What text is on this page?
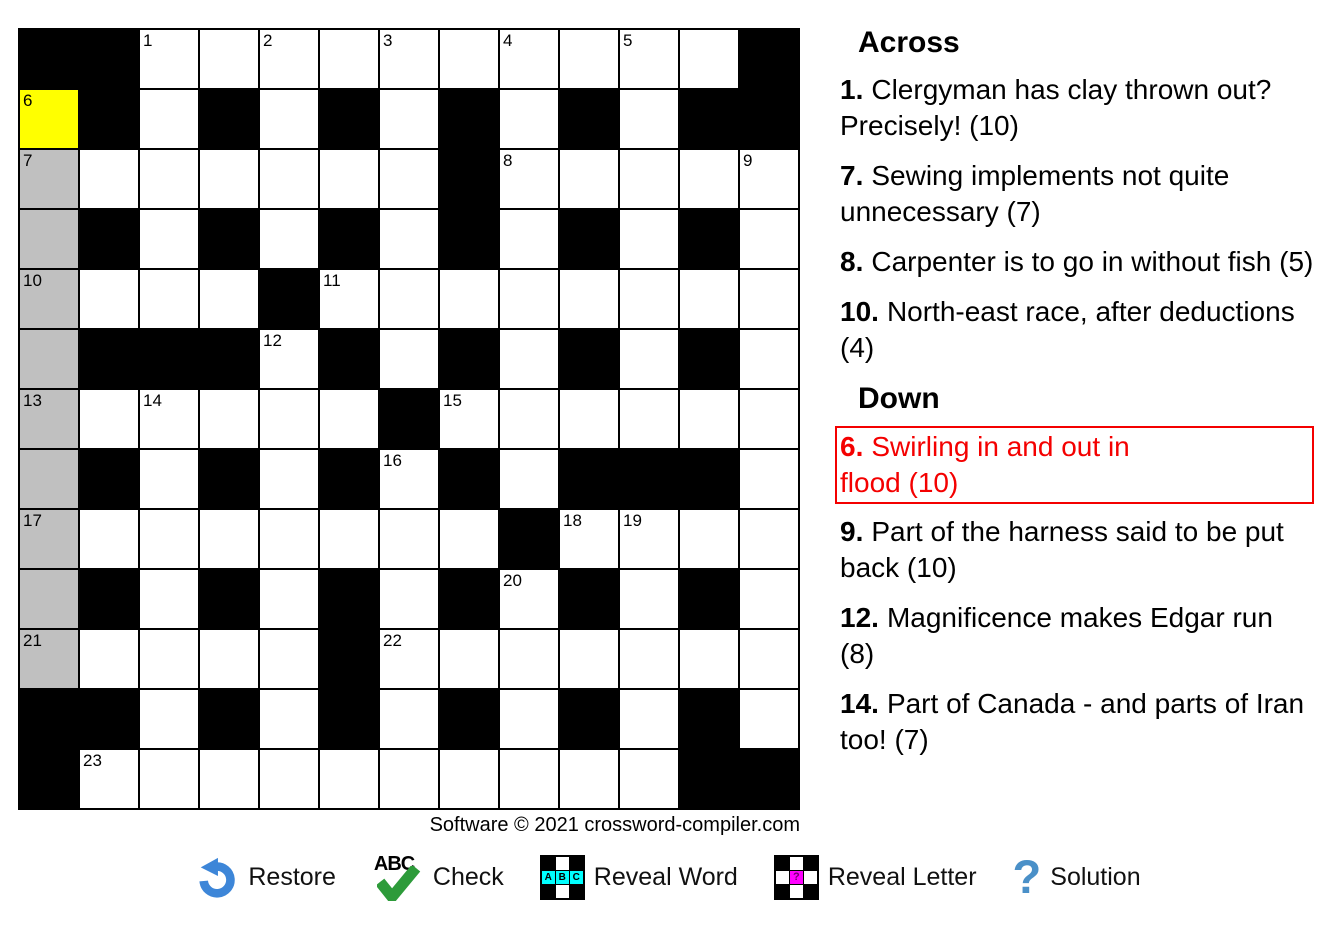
1	2	3	4	5
6
7	8	9
10	11
12
13	14	15
16
17	18 19
20
21	22
23
Software © 2021 crossword-compiler.com
Across
1. Clergyman has clay thrown out? Precisely! (10)
7. Sewing implements not quite unnecessary (7)
8. Carpenter is to go in without fish (5)
10. North-east race, after deductions (4)
Down
6. Swirling in and out in
flood (10)
9. Part of the harness said to be put back (10)
12. Magnificence makes Edgar run (8)
14. Part of Canada - and parts of Iran too! (7)
Restore ABC Check	A B C Reveal Word	? Reveal Letter ? Solution
